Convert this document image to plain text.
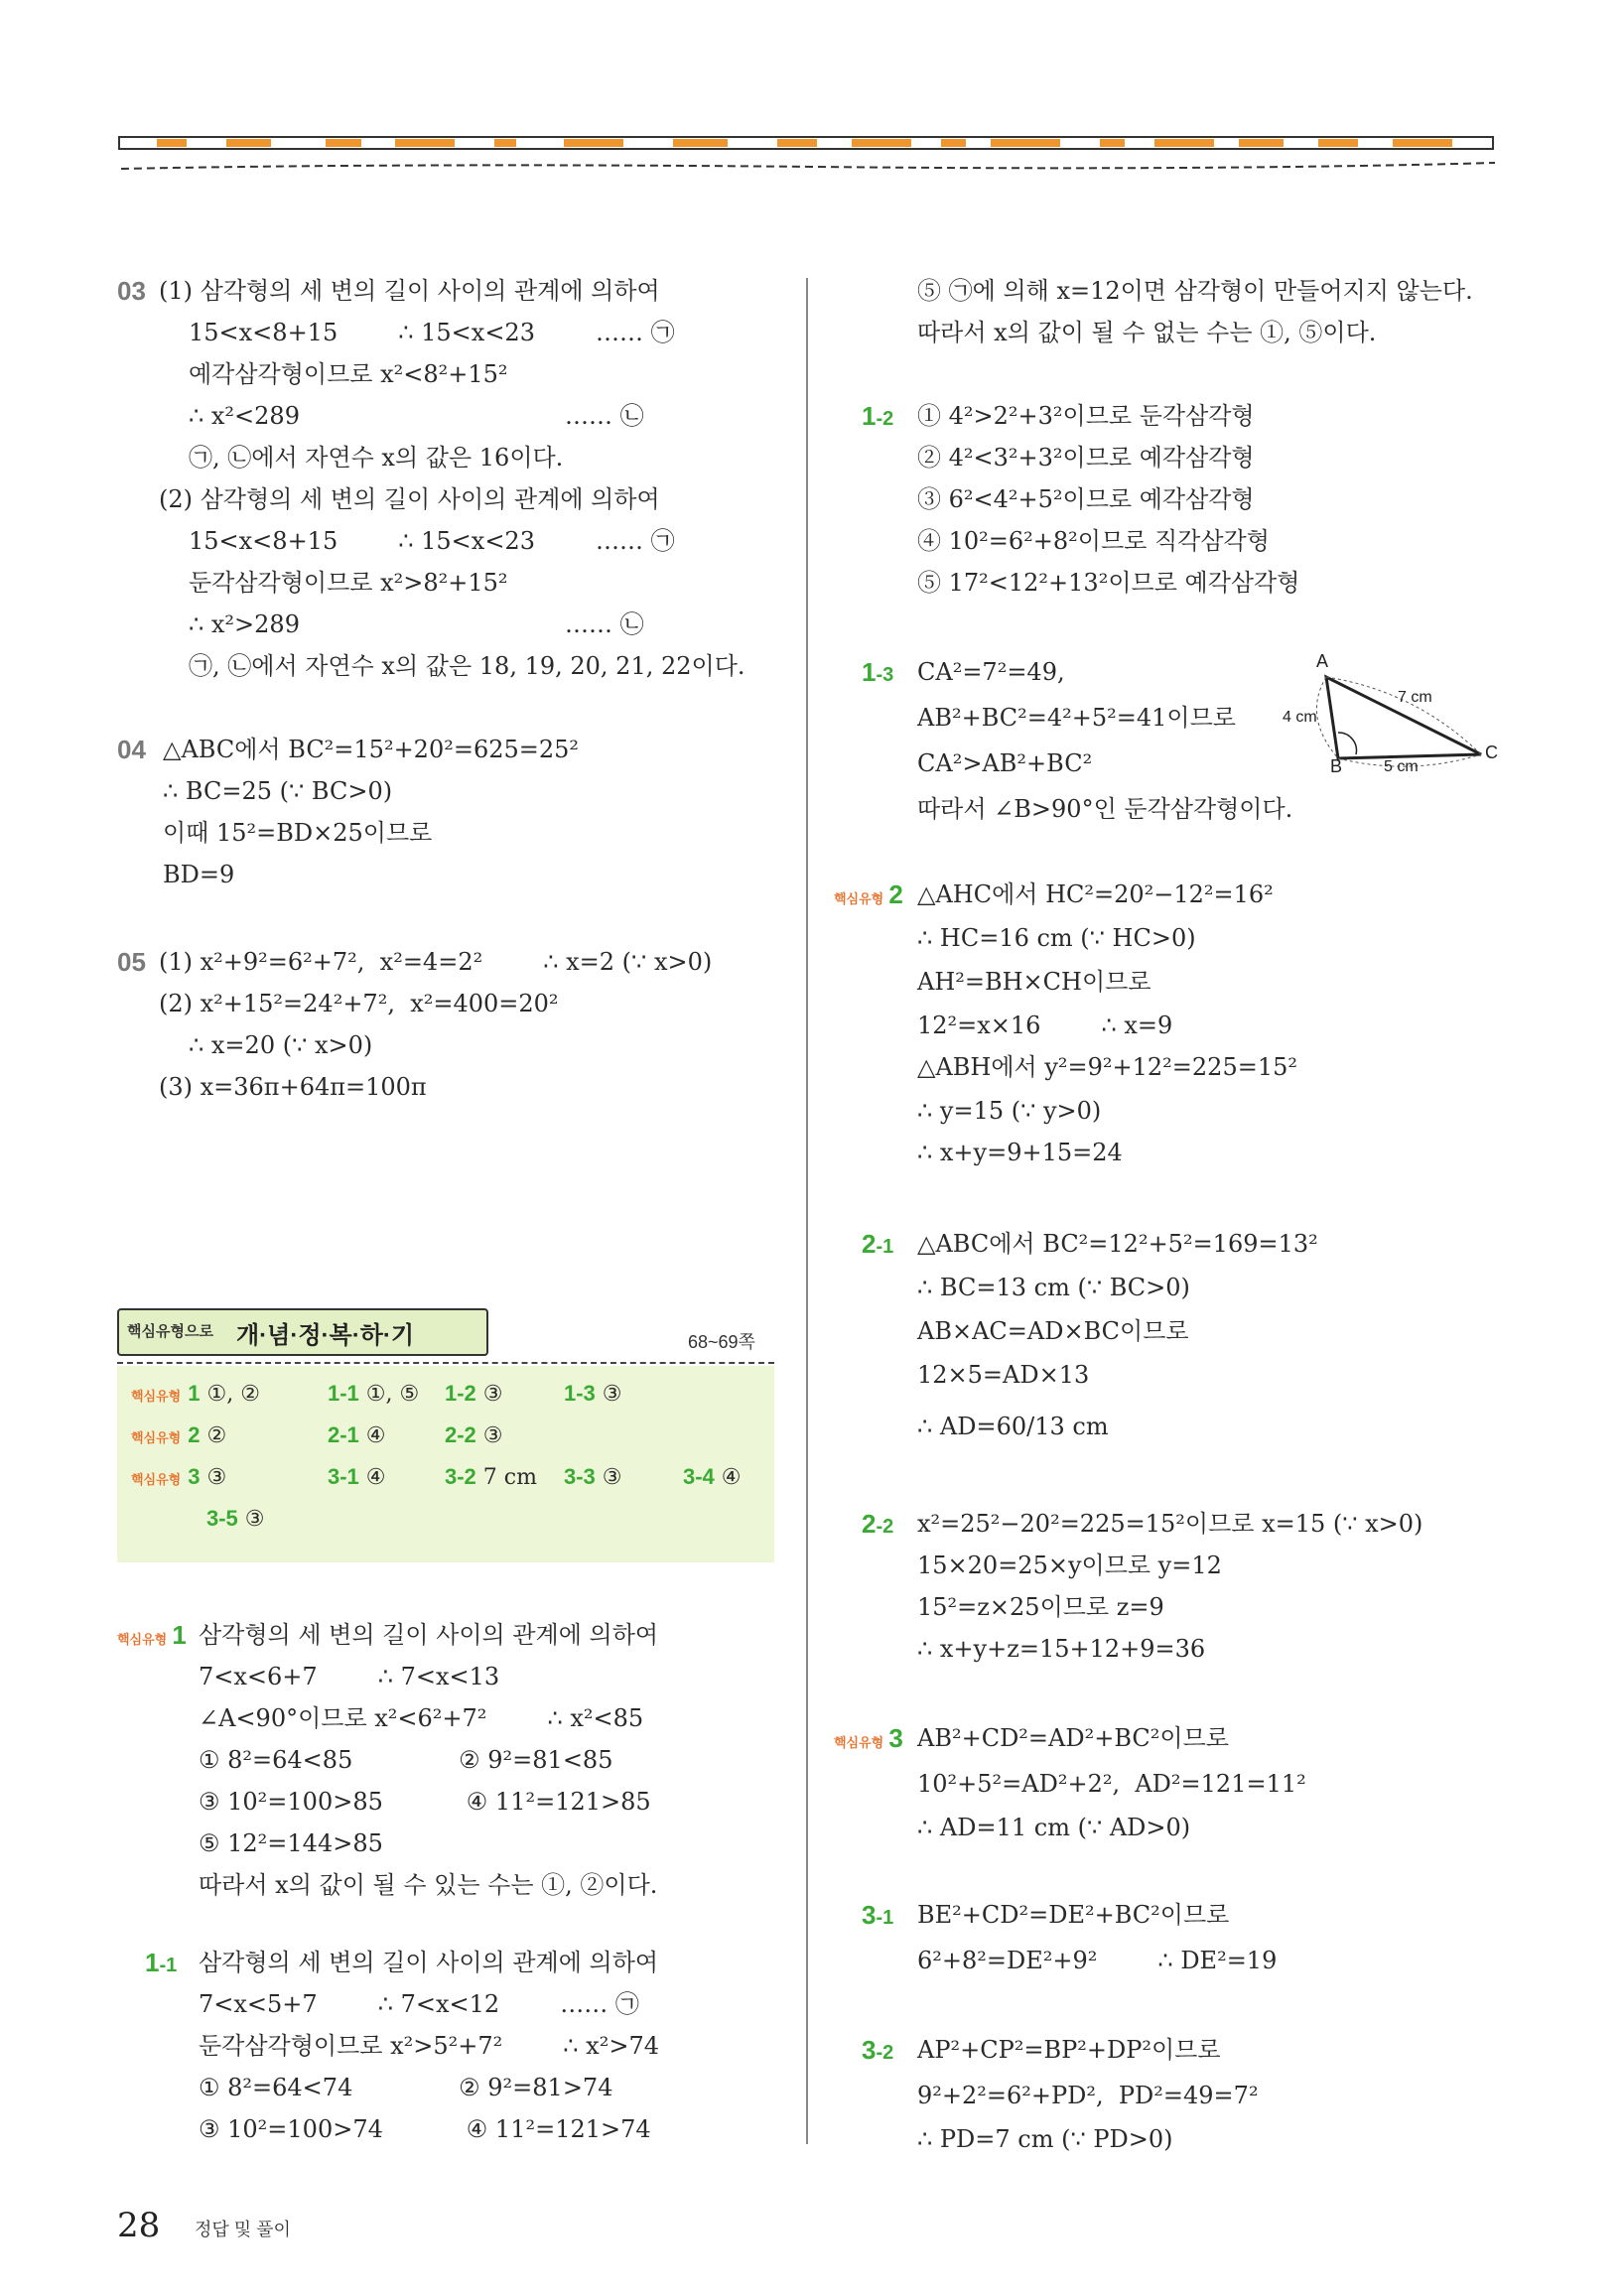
03 (1) 삼각형의 세 변의 길이 사이의 관계에 의하여
15<x<8+15        ∴ 15<x<23        …… ㉠
예각삼각형이므로 x²<8²+15²
∴ x²<289                                   …… ㉡
㉠, ㉡에서 자연수 x의 값은 16이다.
(2) 삼각형의 세 변의 길이 사이의 관계에 의하여
15<x<8+15        ∴ 15<x<23        …… ㉠
둔각삼각형이므로 x²>8²+15²
∴ x²>289                                   …… ㉡
㉠, ㉡에서 자연수 x의 값은 18, 19, 20, 21, 22이다.
04 △ABC에서 BC²=15²+20²=625=25²
∴ BC=25 (∵ BC>0)
이때 15²=BD×25이므로
BD=9
05 (1) x²+9²=6²+7²,  x²=4=2²        ∴ x=2 (∵ x>0)
(2) x²+15²=24²+7²,  x²=400=20²
∴ x=20 (∵ x>0)
(3) x=36π+64π=100π
핵심유형으로 개·념·정·복·하·기	68~69쪽
핵심유형 1 ①, ②	1-1 ①, ⑤ 1-2 ③	1-3 ③
핵심유형 2 ②	2-1 ④	2-2 ③
핵심유형 3 ③	3-1 ④	3-2 7 cm 3-3 ③	3-4 ④
3-5 ③
핵심유형 1 삼각형의 세 변의 길이 사이의 관계에 의하여
7<x<6+7        ∴ 7<x<13
∠A<90°이므로 x²<6²+7²        ∴ x²<85
① 8²=64<85              ② 9²=81<85
③ 10²=100>85           ④ 11²=121>85
⑤ 12²=144>85
따라서 x의 값이 될 수 있는 수는 ①, ②이다.
1-1 삼각형의 세 변의 길이 사이의 관계에 의하여
7<x<5+7        ∴ 7<x<12        …… ㉠
둔각삼각형이므로 x²>5²+7²        ∴ x²>74
① 8²=64<74              ② 9²=81>74
③ 10²=100>74           ④ 11²=121>74
⑤ ㉠에 의해 x=12이면 삼각형이 만들어지지 않는다.
따라서 x의 값이 될 수 없는 수는 ①, ⑤이다.
1-2 ① 4²>2²+3²이므로 둔각삼각형
② 4²<3²+3²이므로 예각삼각형
③ 6²<4²+5²이므로 예각삼각형
④ 10²=6²+8²이므로 직각삼각형
⑤ 17²<12²+13²이므로 예각삼각형
1-3 CA²=7²=49,
AB²+BC²=4²+5²=41이므로
CA²>AB²+BC²
따라서 ∠B>90°인 둔각삼각형이다.
A
B
C
4 cm
7 cm
5 cm
핵심유형 2 △AHC에서 HC²=20²−12²=16²
∴ HC=16 cm (∵ HC>0)
AH²=BH×CH이므로
12²=x×16        ∴ x=9
△ABH에서 y²=9²+12²=225=15²
∴ y=15 (∵ y>0)
∴ x+y=9+15=24
2-1 △ABC에서 BC²=12²+5²=169=13²
∴ BC=13 cm (∵ BC>0)
AB×AC=AD×BC이므로
12×5=AD×13
∴ AD=60/13 cm
2-2 x²=25²−20²=225=15²이므로 x=15 (∵ x>0)
15×20=25×y이므로 y=12
15²=z×25이므로 z=9
∴ x+y+z=15+12+9=36
핵심유형 3 AB²+CD²=AD²+BC²이므로
10²+5²=AD²+2²,  AD²=121=11²
∴ AD=11 cm (∵ AD>0)
3-1 BE²+CD²=DE²+BC²이므로
6²+8²=DE²+9²        ∴ DE²=19
3-2 AP²+CP²=BP²+DP²이므로
9²+2²=6²+PD²,  PD²=49=7²
∴ PD=7 cm (∵ PD>0)
28 정답 및 풀이
